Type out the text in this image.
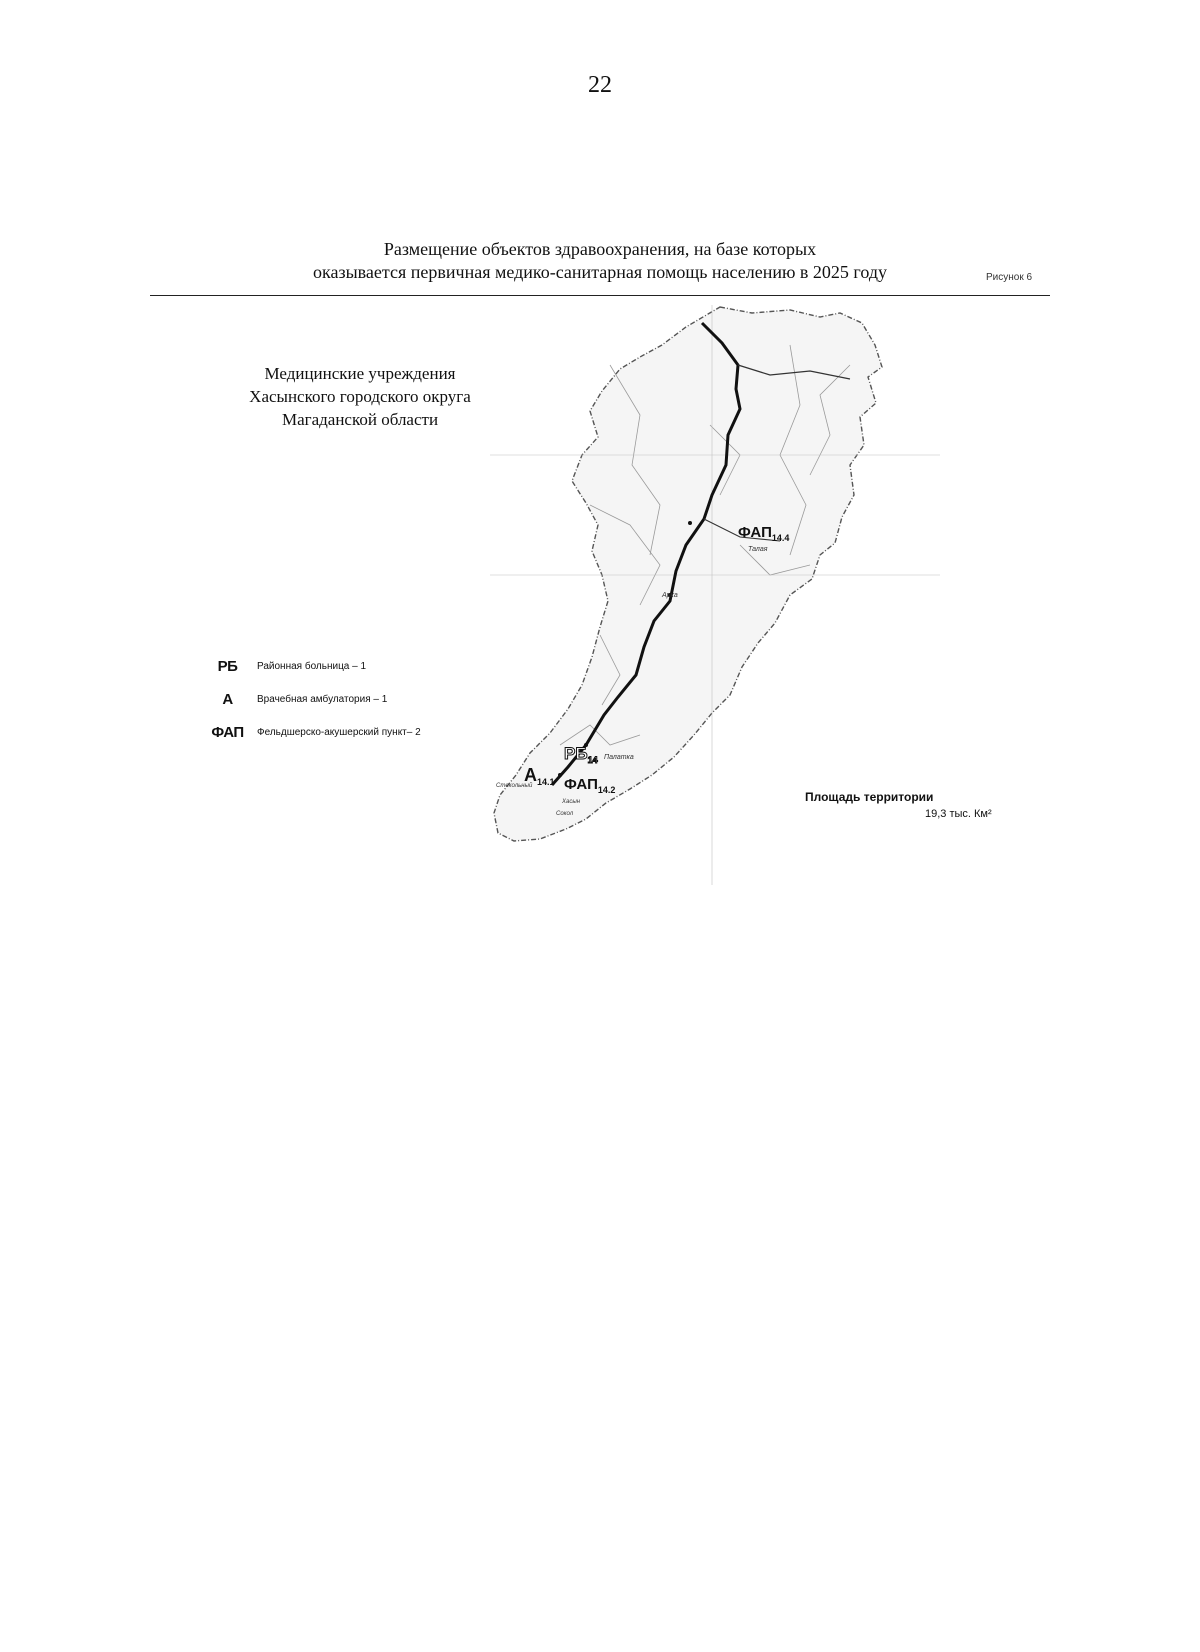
22
Размещение объектов здравоохранения, на базе которых
оказывается первичная медико-санитарная помощь населению в 2025 году	Рисунок 6
Медицинские учреждения
Хасынского городского округа
Магаданской области
РБ	Районная больница – 1
А	Врачебная амбулатория – 1
ФАП	Фельдшерско-акушерский пункт– 2
Площадь территории
19,3 тыс. Км²
$ФАП_{14.4}$
Талая
Арка
$РБ_{14}$ Палатка
$А_{14.1}$ $ФАП_{14.2}$
Стекольный
Хасын
Сокол
